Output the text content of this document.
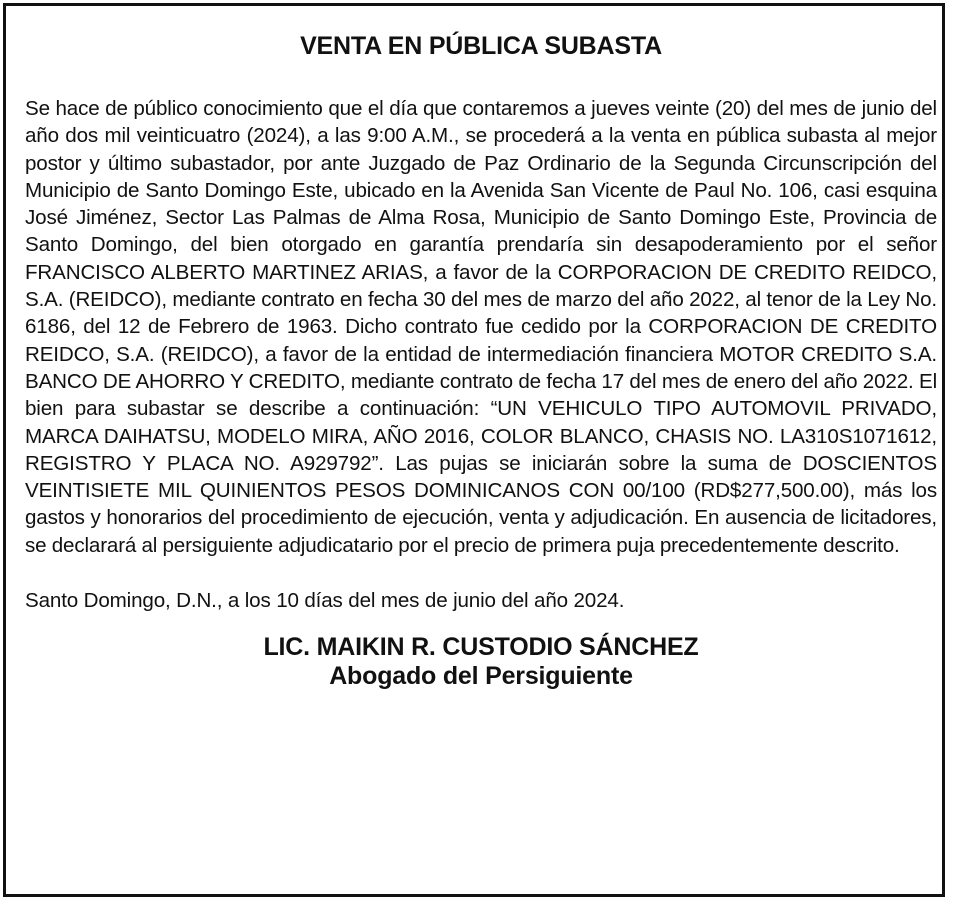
VENTA EN PÚBLICA SUBASTA

Se hace de público conocimiento que el día que contaremos a jueves veinte (20) del mes de junio del año dos mil veinticuatro (2024), a las 9:00 A.M., se procederá a la venta en pública subasta al mejor postor y último subastador, por ante Juzgado de Paz Ordinario de la Segunda Circunscripción del Municipio de Santo Domingo Este, ubicado en la Avenida San Vicente de Paul No. 106, casi esquina José Jiménez, Sector Las Palmas de Alma Rosa, Municipio de Santo Domingo Este, Provincia de Santo Domingo, del bien otorgado en garantía prendaría sin desapoderamiento por el señor FRANCISCO ALBERTO MARTINEZ ARIAS, a favor de la CORPORACION DE CREDITO REIDCO, S.A. (REIDCO), mediante contrato en fecha 30 del mes de marzo del año 2022, al tenor de la Ley No. 6186, del 12 de Febrero de 1963. Dicho contrato fue cedido por la CORPORACION DE CREDITO REIDCO, S.A. (REIDCO), a favor de la entidad de intermediación financiera MOTOR CREDITO S.A. BANCO DE AHORRO Y CREDITO, mediante contrato de fecha 17 del mes de enero del año 2022. El bien para subastar se describe a continuación: “UN VEHICULO TIPO AUTOMOVIL PRIVADO, MARCA DAIHATSU, MODELO MIRA, AÑO 2016, COLOR BLANCO, CHASIS NO. LA310S1071612, REGISTRO Y PLACA NO. A929792”. Las pujas se iniciarán sobre la suma de DOSCIENTOS VEINTISIETE MIL QUINIENTOS PESOS DOMINICANOS CON 00/100 (RD$277,500.00), más los gastos y honorarios del procedimiento de ejecución, venta y adjudicación. En ausencia de licitadores, se declarará al persiguiente adjudicatario por el precio de primera puja precedentemente descrito.

Santo Domingo, D.N., a los 10 días del mes de junio del año 2024.

LIC. MAIKIN R. CUSTODIO SÁNCHEZ

Abogado del Persiguiente
